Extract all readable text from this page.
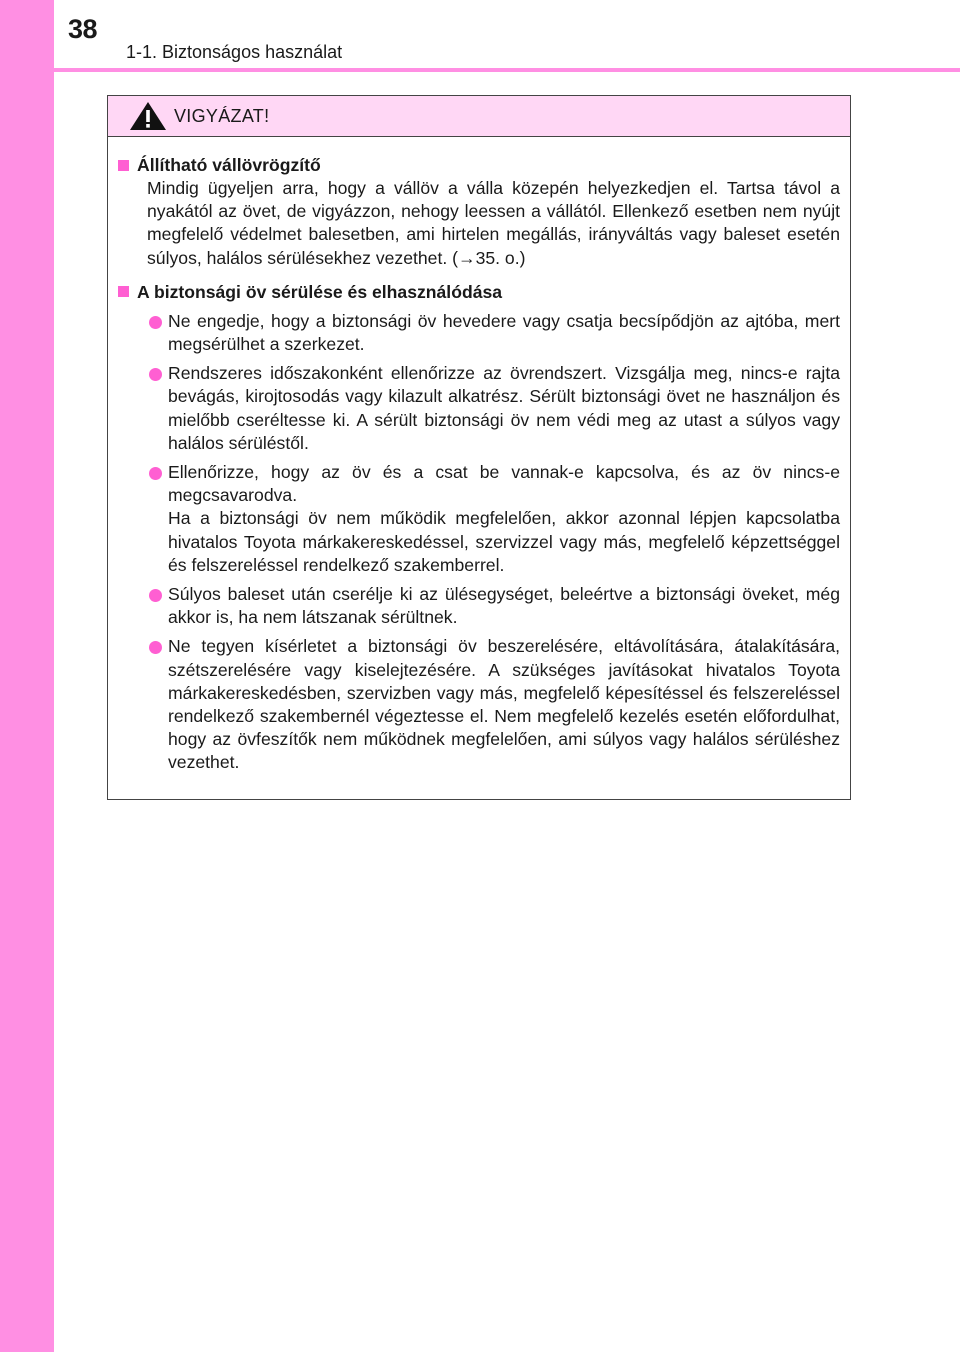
38
1-1. Biztonságos használat
VIGYÁZAT!
Állítható vállövrögzítő
Mindig ügyeljen arra, hogy a vállöv a válla közepén helyezkedjen el. Tartsa távol a nyakától az övet, de vigyázzon, nehogy leessen a vállától. Ellenkező esetben nem nyújt megfelelő védelmet balesetben, ami hirtelen megállás, irányváltás vagy baleset esetén súlyos, halálos sérülésekhez vezethet. (→35. o.)
A biztonsági öv sérülése és elhasználódása
Ne engedje, hogy a biztonsági öv hevedere vagy csatja becsípődjön az ajtóba, mert megsérülhet a szerkezet.
Rendszeres időszakonként ellenőrizze az övrendszert. Vizsgálja meg, nincs-e rajta bevágás, kirojtosodás vagy kilazult alkatrész. Sérült biztonsági övet ne használjon és mielőbb cseréltesse ki. A sérült biztonsági öv nem védi meg az utast a súlyos vagy halálos sérüléstől.
Ellenőrizze, hogy az öv és a csat be vannak-e kapcsolva, és az öv nincs-e megcsavarodva.
Ha a biztonsági öv nem működik megfelelően, akkor azonnal lépjen kapcsolatba hivatalos Toyota márkakereskedéssel, szervizzel vagy más, megfelelő képzettséggel és felszereléssel rendelkező szakemberrel.
Súlyos baleset után cserélje ki az ülésegységet, beleértve a biztonsági öveket, még akkor is, ha nem látszanak sérültnek.
Ne tegyen kísérletet a biztonsági öv beszerelésére, eltávolítására, átalakítására, szétszerelésére vagy kiselejtezésére. A szükséges javításokat hivatalos Toyota márkakereskedésben, szervizben vagy más, megfelelő képesítéssel és felszereléssel rendelkező szakembernél végeztesse el. Nem megfelelő kezelés esetén előfordulhat, hogy az övfeszítők nem működnek megfelelően, ami súlyos vagy halálos sérüléshez vezethet.
